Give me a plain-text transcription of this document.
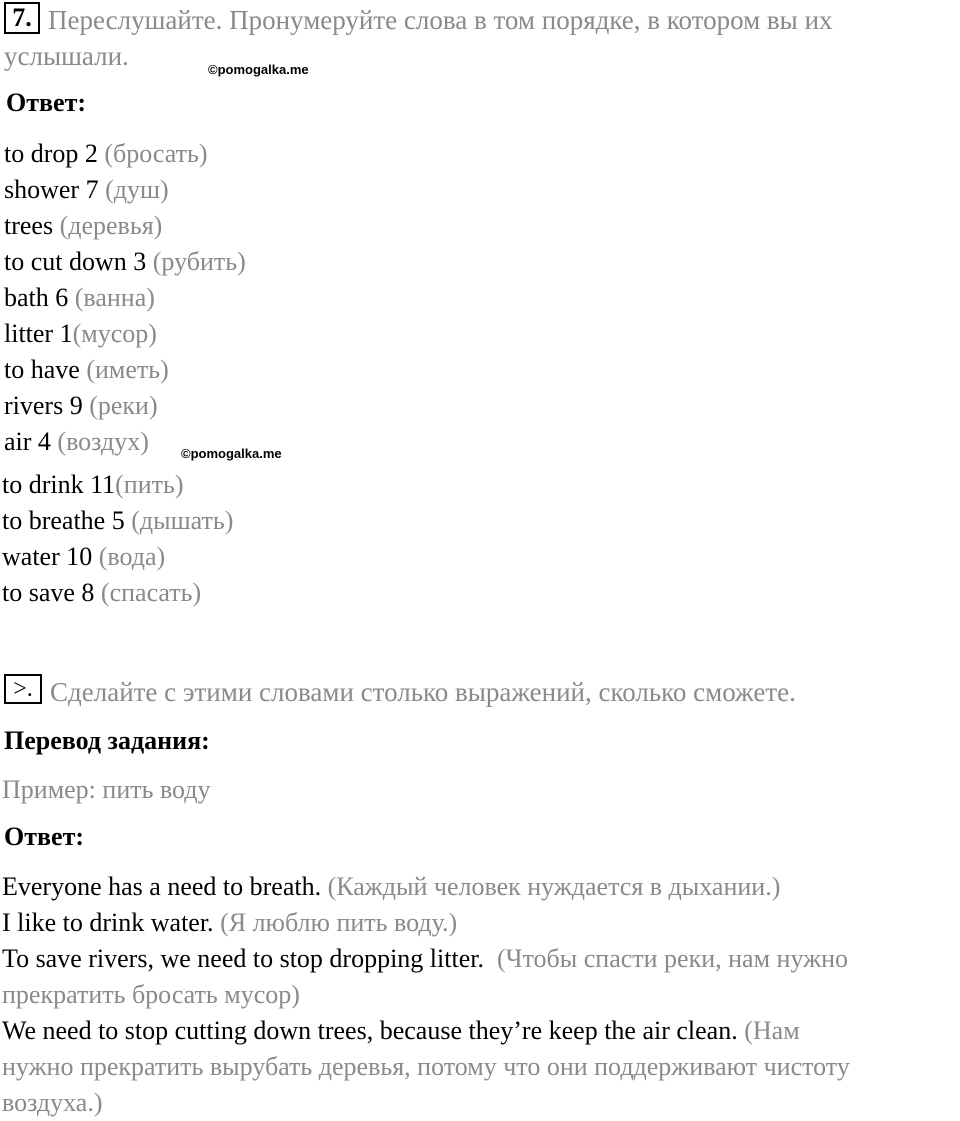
7. Переслушайте. Пронумеруйте слова в том порядке, в котором вы их
услышали.	©pomogalka.me
Ответ:
to drop 2 (бросать)
shower 7 (душ)
trees (деревья)
to cut down 3 (рубить)
bath 6 (ванна)
litter 1(мусор)
to have (иметь)
rivers 9 (реки)
air 4 (воздух) ©pomogalka.me
to drink 11(пить)
to breathe 5 (дышать)
water 10 (вода)
to save 8 (спасать)
>. Сделайте с этими словами столько выражений, сколько сможете.
Перевод задания:
Пример: пить воду
Ответ:
Everyone has a need to breath. (Каждый человек нуждается в дыхании.)
I like to drink water. (Я люблю пить воду.)
To save rivers, we need to stop dropping litter. (Чтобы спасти реки, нам нужно
прекратить бросать мусор)
We need to stop cutting down trees, because they’re keep the air clean. (Нам
нужно прекратить вырубать деревья, потому что они поддерживают чистоту
воздуха.)
